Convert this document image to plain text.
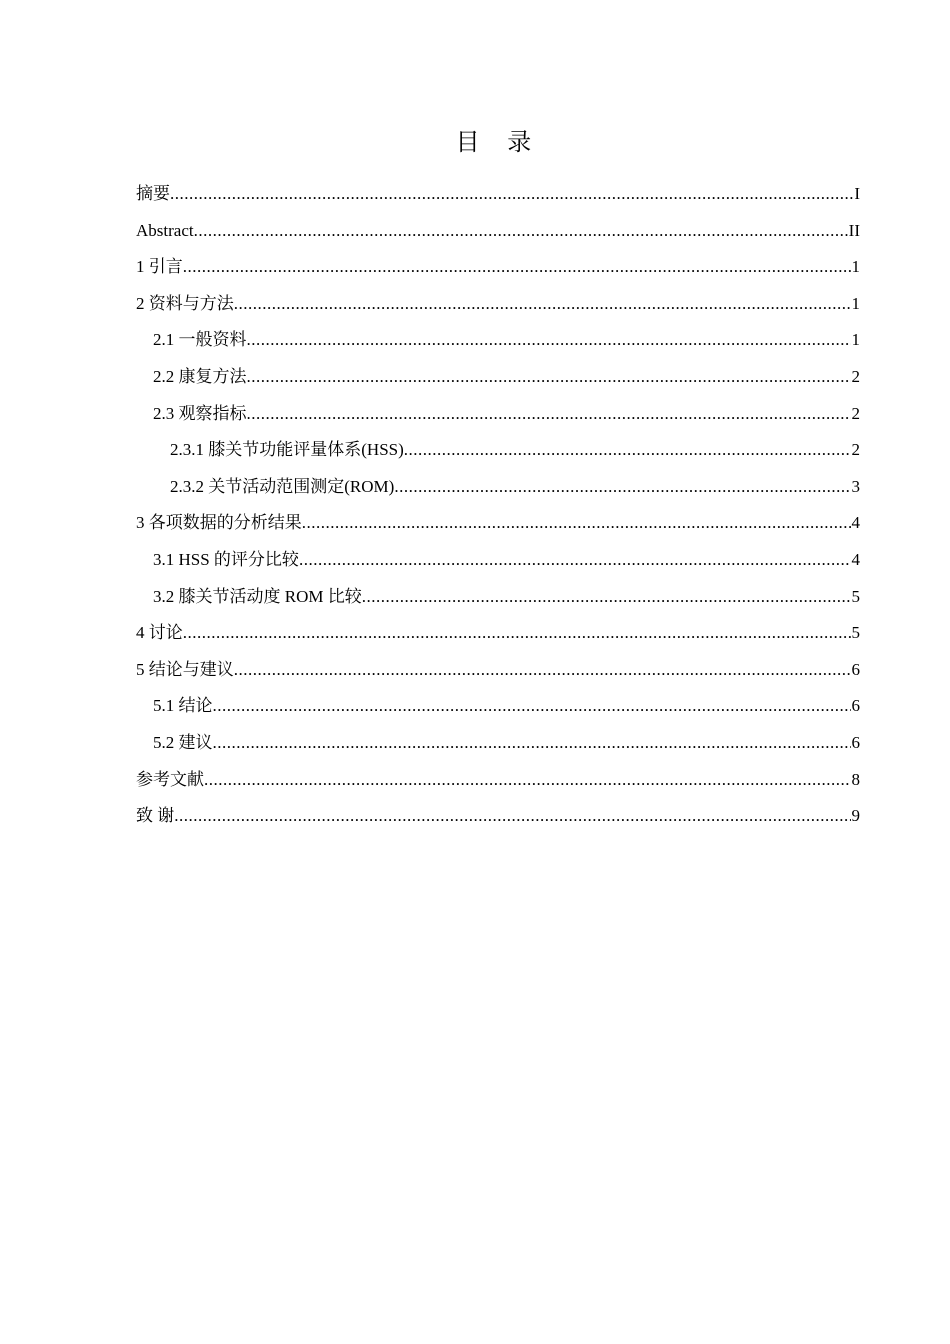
目 录
摘要 .....	I
Abstract .....	II
1 引言 .....	1
2 资料与方法 .....	1
2.1 一般资料 .....	1
2.2 康复方法 .....	2
2.3 观察指标 .....	2
2.3.1 膝关节功能评量体系(HSS) .....	2
2.3.2 关节活动范围测定(ROM) .....	3
3 各项数据的分析结果 .....	4
3.1 HSS 的评分比较 .....	4
3.2 膝关节活动度 ROM 比较 .....	5
4 讨论 .....	5
5 结论与建议 .....	6
5.1 结论 .....	6
5.2 建议 .....	6
参考文献 .....	8
致 谢 .....	9
